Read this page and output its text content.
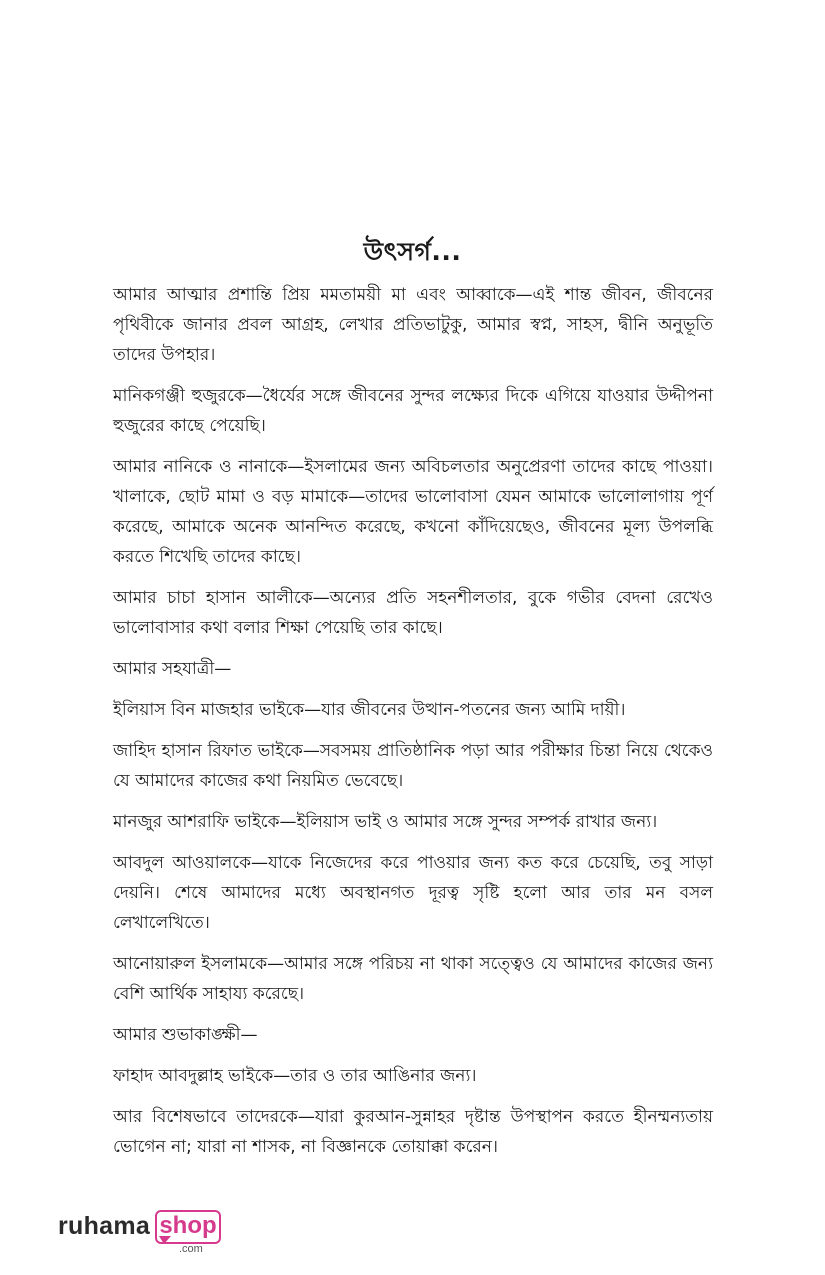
উৎসর্গ...

আমার আত্মার প্রশান্তি প্রিয় মমতাময়ী মা এবং আব্বাকে—এই শান্ত জীবন, জীবনের পৃথিবীকে জানার প্রবল আগ্রহ, লেখার প্রতিভাটুকু, আমার স্বপ্ন, সাহস, দ্বীনি অনুভূতি তাদের উপহার।

মানিকগঞ্জী হুজুরকে—ধৈর্যের সঙ্গে জীবনের সুন্দর লক্ষ্যের দিকে এগিয়ে যাওয়ার উদ্দীপনা হুজুরের কাছে পেয়েছি।

আমার নানিকে ও নানাকে—ইসলামের জন্য অবিচলতার অনুপ্রেরণা তাদের কাছে পাওয়া। খালাকে, ছোট মামা ও বড় মামাকে—তাদের ভালোবাসা যেমন আমাকে ভালোলাগায় পূর্ণ করেছে, আমাকে অনেক আনন্দিত করেছে, কখনো কাঁদিয়েছেও, জীবনের মূল্য উপলব্ধি করতে শিখেছি তাদের কাছে।

আমার চাচা হাসান আলীকে—অন্যের প্রতি সহনশীলতার, বুকে গভীর বেদনা রেখেও ভালোবাসার কথা বলার শিক্ষা পেয়েছি তার কাছে।

আমার সহযাত্রী—

ইলিয়াস বিন মাজহার ভাইকে—যার জীবনের উত্থান-পতনের জন্য আমি দায়ী।

জাহিদ হাসান রিফাত ভাইকে—সবসময় প্রাতিষ্ঠানিক পড়া আর পরীক্ষার চিন্তা নিয়ে থেকেও যে আমাদের কাজের কথা নিয়মিত ভেবেছে।

মানজুর আশরাফি ভাইকে—ইলিয়াস ভাই ও আমার সঙ্গে সুন্দর সম্পর্ক রাখার জন্য।

আবদুল আওয়ালকে—যাকে নিজেদের করে পাওয়ার জন্য কত করে চেয়েছি, তবু সাড়া দেয়নি। শেষে আমাদের মধ্যে অবস্থানগত দূরত্ব সৃষ্টি হলো আর তার মন বসল লেখালেখিতে।

আনোয়ারুল ইসলামকে—আমার সঙ্গে পরিচয় না থাকা সত্ত্বেও যে আমাদের কাজের জন্য বেশি আর্থিক সাহায্য করেছে।

আমার শুভাকাঙ্ক্ষী—

ফাহাদ আবদুল্লাহ ভাইকে—তার ও তার আঙিনার জন্য।

আর বিশেষভাবে তাদেরকে—যারা কুরআন-সুন্নাহর দৃষ্টান্ত উপস্থাপন করতে হীনম্মন্যতায় ভোগেন না; যারা না শাসক, না বিজ্ঞানকে তোয়াক্কা করেন।

ruhama shop
.com
